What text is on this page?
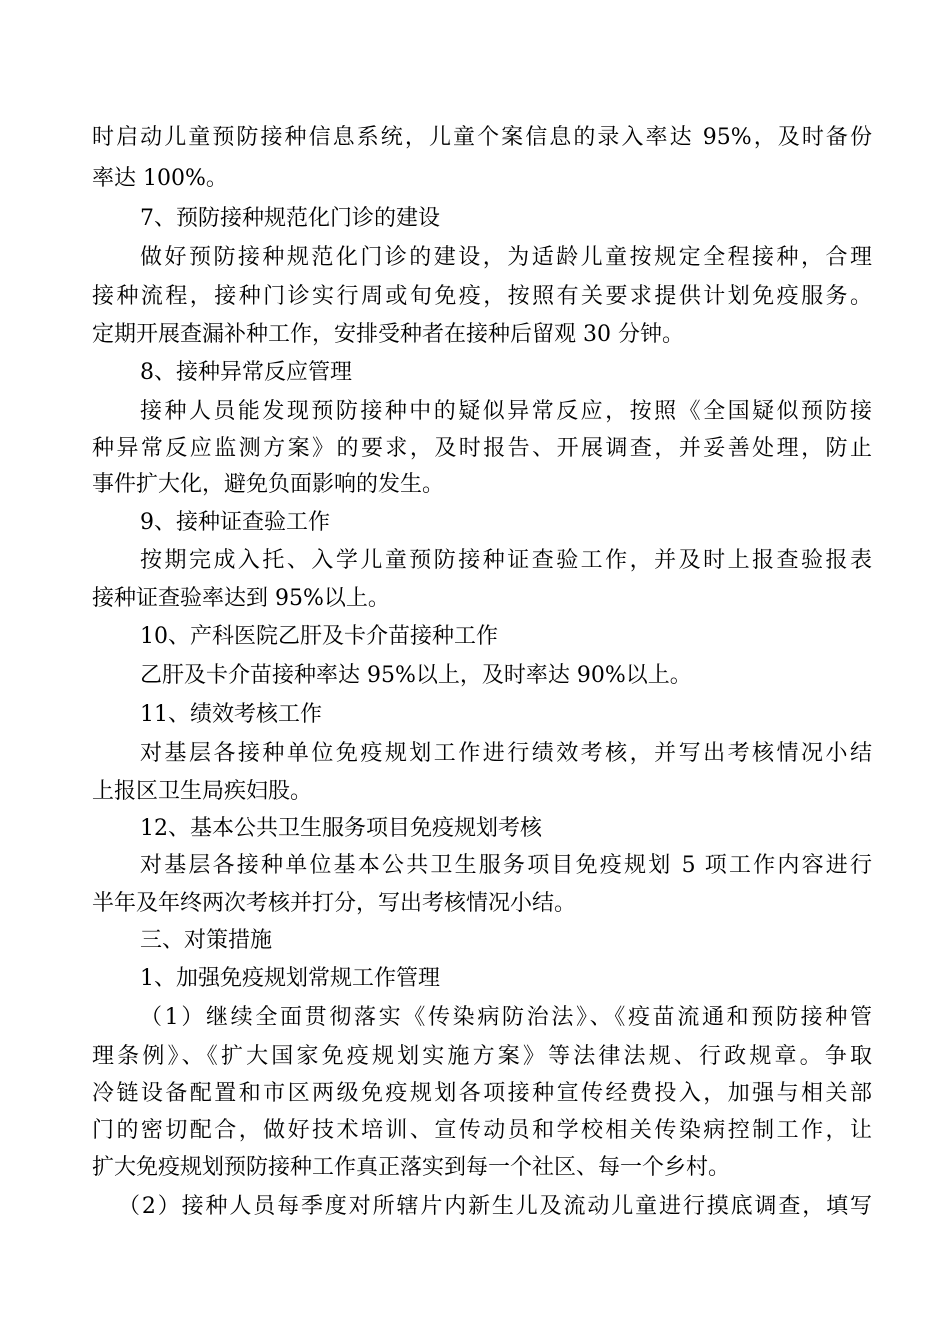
时启动儿童预防接种信息系统，儿童个案信息的录入率达 95%，及时备份
率达 100%。
7、预防接种规范化门诊的建设
做好预防接种规范化门诊的建设，为适龄儿童按规定全程接种，合理
接种流程，接种门诊实行周或旬免疫，按照有关要求提供计划免疫服务。
定期开展查漏补种工作，安排受种者在接种后留观 30 分钟。
8、接种异常反应管理
接种人员能发现预防接种中的疑似异常反应，按照《全国疑似预防接
种异常反应监测方案》的要求，及时报告、开展调查，并妥善处理，防止
事件扩大化，避免负面影响的发生。
9、接种证查验工作
按期完成入托、入学儿童预防接种证查验工作，并及时上报查验报表
接种证查验率达到 95%以上。
10、产科医院乙肝及卡介苗接种工作
乙肝及卡介苗接种率达 95%以上，及时率达 90%以上。
11、绩效考核工作
对基层各接种单位免疫规划工作进行绩效考核，并写出考核情况小结
上报区卫生局疾妇股。
12、基本公共卫生服务项目免疫规划考核
对基层各接种单位基本公共卫生服务项目免疫规划 5 项工作内容进行
半年及年终两次考核并打分，写出考核情况小结。
三、对策措施
1、加强免疫规划常规工作管理
（1）继续全面贯彻落实《传染病防治法》、《疫苗流通和预防接种管
理条例》、《扩大国家免疫规划实施方案》等法律法规、行政规章。争取
冷链设备配置和市区两级免疫规划各项接种宣传经费投入，加强与相关部
门的密切配合，做好技术培训、宣传动员和学校相关传染病控制工作，让
扩大免疫规划预防接种工作真正落实到每一个社区、每一个乡村。
（2）接种人员每季度对所辖片内新生儿及流动儿童进行摸底调查，填写
